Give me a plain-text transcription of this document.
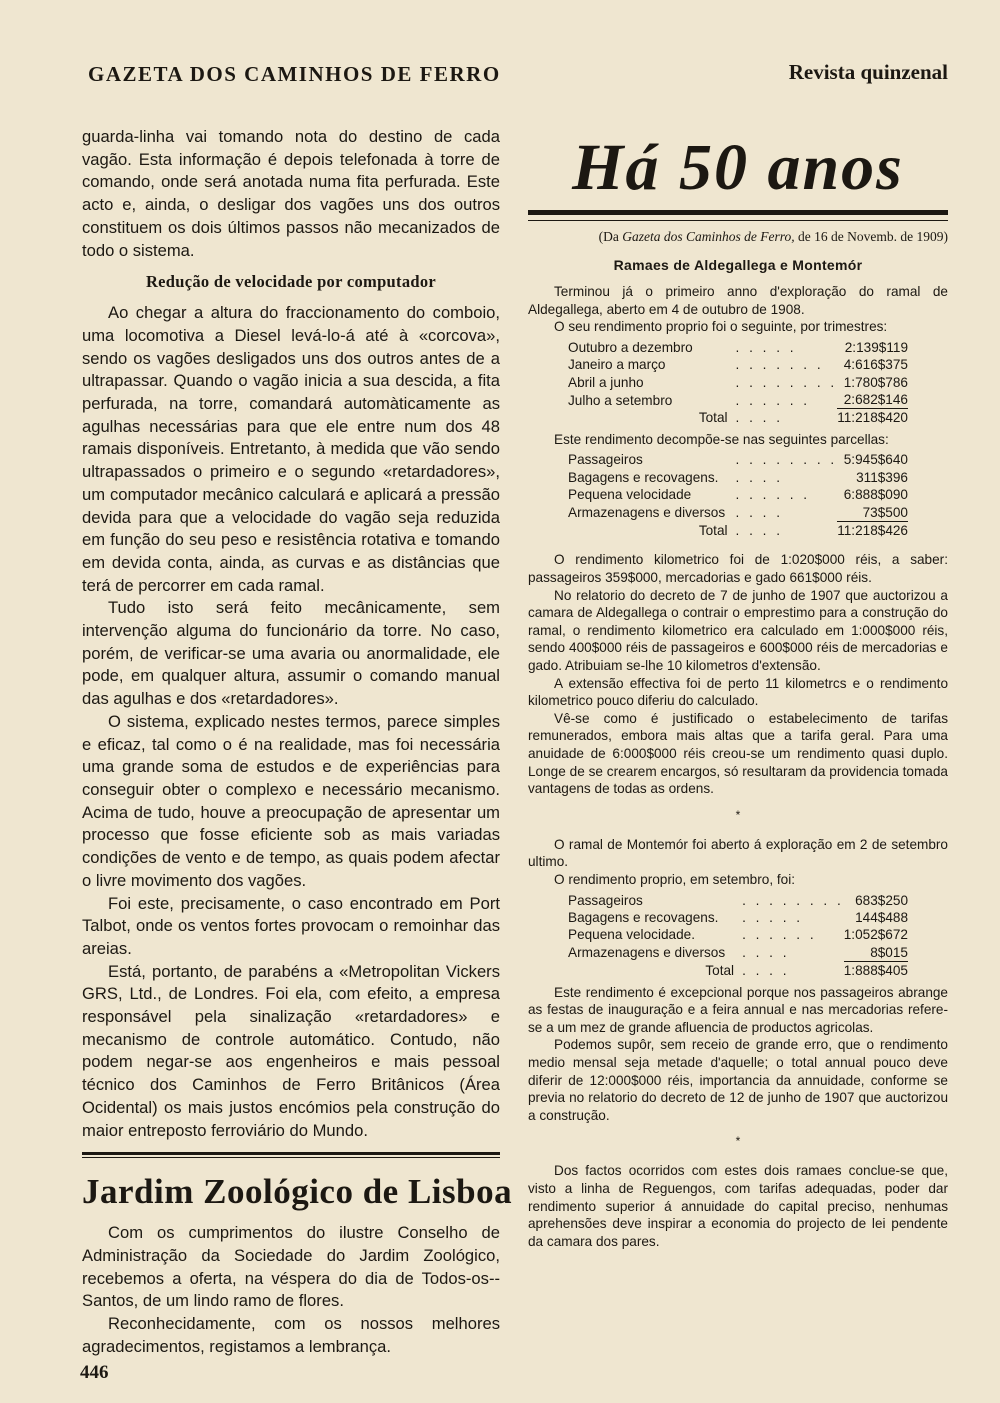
GAZETA DOS CAMINHOS DE FERRO	Revista quinzenal

guarda-linha vai tomando nota do destino de cada vagão. Esta informação é depois telefonada à torre de comando, onde será anotada numa fita perfurada. Este acto e, ainda, o desligar dos vagões uns dos outros constituem os dois últimos passos não mecanizados de todo o sistema.

Redução de velocidade por computador

Ao chegar a altura do fraccionamento do comboio, uma locomotiva a Diesel levá-lo-á até à «corcova», sendo os vagões desligados uns dos outros antes de a ultrapassar. Quando o vagão inicia a sua descida, a fita perfurada, na torre, comandará automàticamente as agulhas necessárias para que ele entre num dos 48 ramais disponíveis. Entretanto, à medida que vão sendo ultrapassados o primeiro e o segundo «retardadores», um computador mecânico calculará e aplicará a pressão devida para que a velocidade do vagão seja reduzida em função do seu peso e resistência rotativa e tomando em devida conta, ainda, as curvas e as distâncias que terá de percorrer em cada ramal.

Tudo isto será feito mecânicamente, sem intervenção alguma do funcionário da torre. No caso, porém, de verificar-se uma avaria ou anormalidade, ele pode, em qualquer altura, assumir o comando manual das agulhas e dos «retardadores».

O sistema, explicado nestes termos, parece simples e eficaz, tal como o é na realidade, mas foi necessária uma grande soma de estudos e de experiências para conseguir obter o complexo e necessário mecanismo. Acima de tudo, houve a preocupação de apresentar um processo que fosse eficiente sob as mais variadas condições de vento e de tempo, as quais podem afectar o livre movimento dos vagões.

Foi este, precisamente, o caso encontrado em Port Talbot, onde os ventos fortes provocam o remoinhar das areias.

Está, portanto, de parabéns a «Metropolitan Vickers GRS, Ltd., de Londres. Foi ela, com efeito, a empresa responsável pela sinalização «retardadores» e mecanismo de controle automático. Contudo, não podem negar-se aos engenheiros e mais pessoal técnico dos Caminhos de Ferro Britânicos (Área Ocidental) os mais justos encómios pela construção do maior entreposto ferroviário do Mundo.

Jardim Zoológico de Lisboa

Com os cumprimentos do ilustre Conselho de Administração da Sociedade do Jardim Zoológico, recebemos a oferta, na véspera do dia de Todos-os--Santos, de um lindo ramo de flores.

Reconhecidamente, com os nossos melhores agradecimentos, registamos a lembrança.

Há 50 anos
(Da Gazeta dos Caminhos de Ferro, de 16 de Novemb. de 1909)
Ramaes de Aldegallega e Montemór

Terminou já o primeiro anno d'exploração do ramal de Aldegallega, aberto em 4 de outubro de 1908.

O seu rendimento proprio foi o seguinte, por trimestres:

Outubro a dezembro	. . . . .	2:139$119
Janeiro a março	. . . . . . .	4:616$375
Abril a junho	. . . . . . . .	1:780$786
Julho a setembro	. . . . . .	2:682$146
Total	. . . .	11:218$420

Este rendimento decompõe-se nas seguintes parcellas:

Passageiros	. . . . . . . .	5:945$640
Bagagens e recovagens.	. . . .	311$396
Pequena velocidade	. . . . . .	6:888$090
Armazenagens e diversos	. . . .	73$500
Total	. . . .	11:218$426

O rendimento kilometrico foi de 1:020$000 réis, a saber: passageiros 359$000, mercadorias e gado 661$000 réis.

No relatorio do decreto de 7 de junho de 1907 que auctorizou a camara de Aldegallega o contrair o emprestimo para a construção do ramal, o rendimento kilometrico era calculado em 1:000$000 réis, sendo 400$000 réis de passageiros e 600$000 réis de mercadorias e gado. Atribuiam se-lhe 10 kilometros d'extensão.

A extensão effectiva foi de perto 11 kilometrcs e o rendimento kilometrico pouco diferiu do calculado.

Vê-se como é justificado o estabelecimento de tarifas remunerados, embora mais altas que a tarifa geral. Para uma anuidade de 6:000$000 réis creou-se um rendimento quasi duplo. Longe de se crearem encargos, só resultaram da providencia tomada vantagens de todas as ordens.

*

O ramal de Montemór foi aberto á exploração em 2 de setembro ultimo.

O rendimento proprio, em setembro, foi:

Passageiros	. . . . . . . .	683$250
Bagagens e recovagens.	. . . . .	144$488
Pequena velocidade.	. . . . . .	1:052$672
Armazenagens e diversos	. . . .	8$015
Total	. . . .	1:888$405

Este rendimento é excepcional porque nos passageiros abrange as festas de inauguração e a feira annual e nas mercadorias refere-se a um mez de grande afluencia de productos agricolas.

Podemos supôr, sem receio de grande erro, que o rendimento medio mensal seja metade d'aquelle; o total annual pouco deve diferir de 12:000$000 réis, importancia da annuidade, conforme se previa no relatorio do decreto de 12 de junho de 1907 que auctorizou a construção.

*

Dos factos ocorridos com estes dois ramaes conclue-se que, visto a linha de Reguengos, com tarifas adequadas, poder dar rendimento superior á annuidade do capital preciso, nenhumas aprehensões deve inspirar a economia do projecto de lei pendente da camara dos pares.

446
